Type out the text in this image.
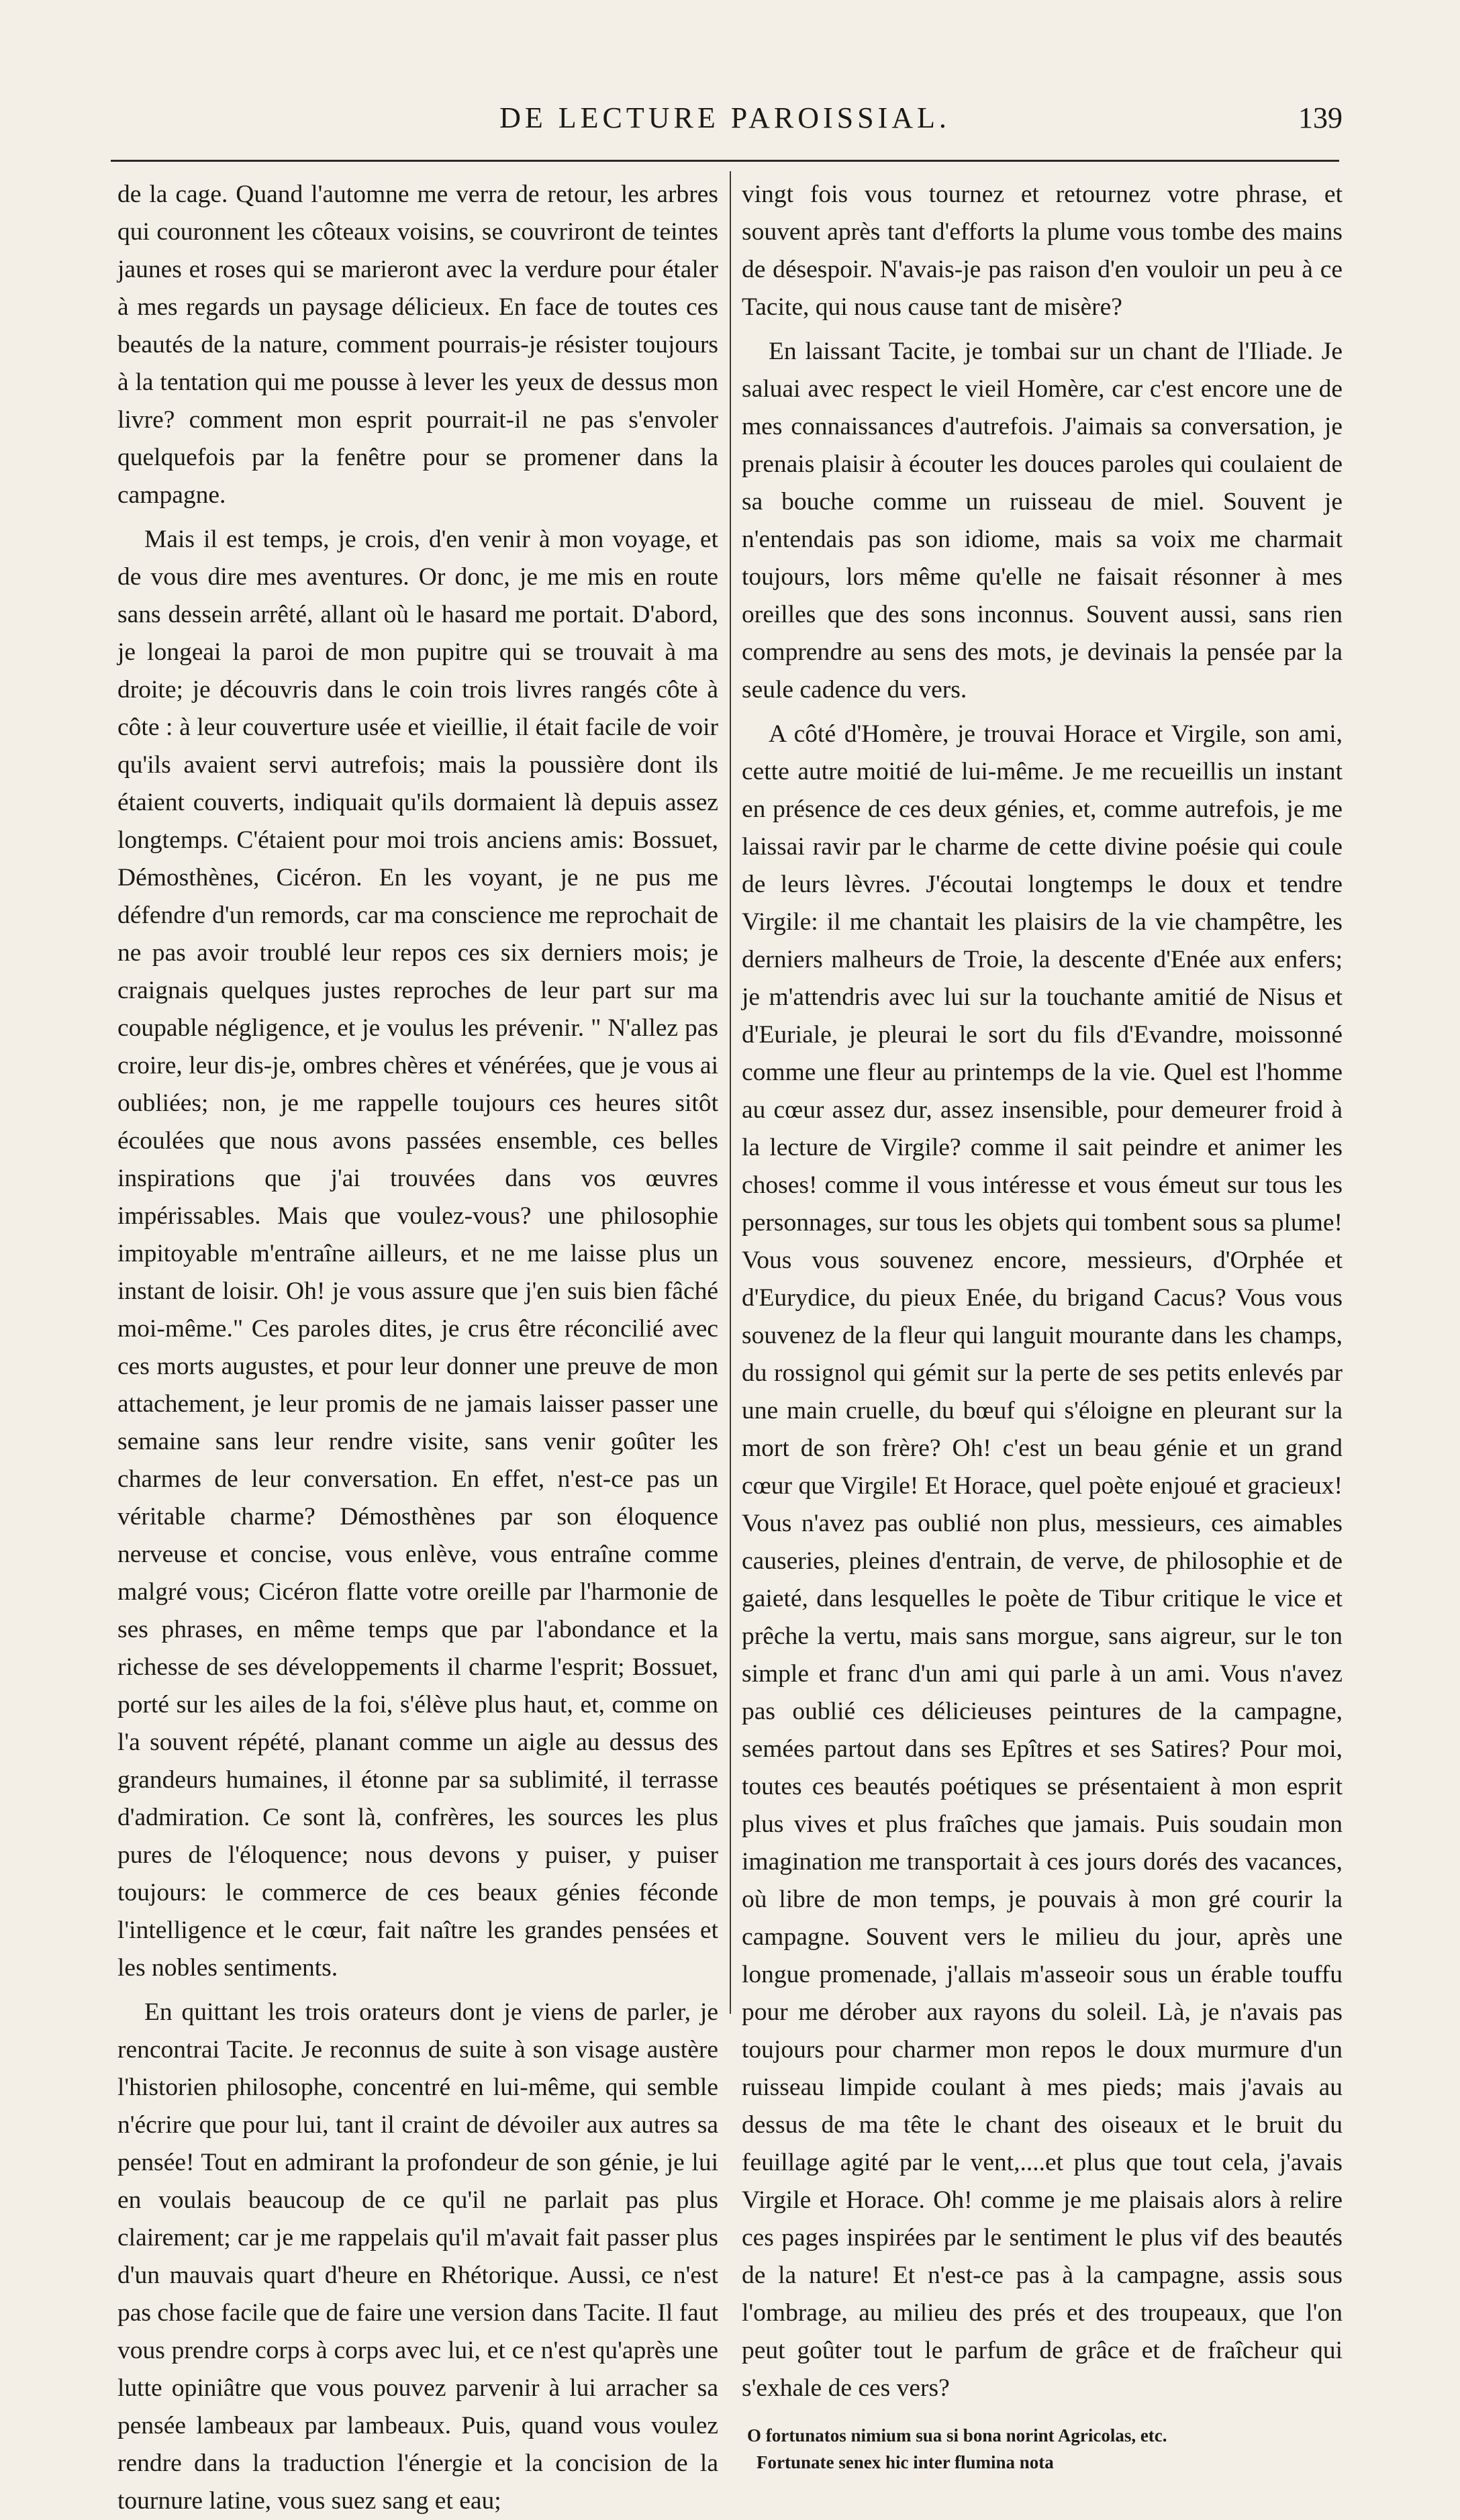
DE LECTURE PAROISSIAL.	139

de la cage. Quand l'automne me verra de retour, les arbres qui couronnent les côteaux voisins, se couvriront de teintes jaunes et roses qui se marieront avec la verdure pour étaler à mes regards un paysage délicieux. En face de toutes ces beautés de la nature, comment pourrais-je résister toujours à la tentation qui me pousse à lever les yeux de dessus mon livre? comment mon esprit pourrait-il ne pas s'envoler quelquefois par la fenêtre pour se promener dans la campagne.

Mais il est temps, je crois, d'en venir à mon voyage, et de vous dire mes aventures. Or donc, je me mis en route sans dessein arrêté, allant où le hasard me portait. D'abord, je longeai la paroi de mon pupitre qui se trouvait à ma droite; je découvris dans le coin trois livres rangés côte à côte : à leur couverture usée et vieillie, il était facile de voir qu'ils avaient servi autrefois; mais la poussière dont ils étaient couverts, indiquait qu'ils dormaient là depuis assez longtemps. C'étaient pour moi trois anciens amis: Bossuet, Démosthènes, Cicéron. En les voyant, je ne pus me défendre d'un remords, car ma conscience me reprochait de ne pas avoir troublé leur repos ces six derniers mois; je craignais quelques justes reproches de leur part sur ma coupable négligence, et je voulus les prévenir. " N'allez pas croire, leur dis-je, ombres chères et vénérées, que je vous ai oubliées; non, je me rappelle toujours ces heures sitôt écoulées que nous avons passées ensemble, ces belles inspirations que j'ai trouvées dans vos œuvres impérissables. Mais que voulez-vous? une philosophie impitoyable m'entraîne ailleurs, et ne me laisse plus un instant de loisir. Oh! je vous assure que j'en suis bien fâché moi-même." Ces paroles dites, je crus être réconcilié avec ces morts augustes, et pour leur donner une preuve de mon attachement, je leur promis de ne jamais laisser passer une semaine sans leur rendre visite, sans venir goûter les charmes de leur conversation. En effet, n'est-ce pas un véritable charme? Démosthènes par son éloquence nerveuse et concise, vous enlève, vous entraîne comme malgré vous; Cicéron flatte votre oreille par l'harmonie de ses phrases, en même temps que par l'abondance et la richesse de ses développements il charme l'esprit; Bossuet, porté sur les ailes de la foi, s'élève plus haut, et, comme on l'a souvent répété, planant comme un aigle au dessus des grandeurs humaines, il étonne par sa sublimité, il terrasse d'admiration. Ce sont là, confrères, les sources les plus pures de l'éloquence; nous devons y puiser, y puiser toujours: le commerce de ces beaux génies féconde l'intelligence et le cœur, fait naître les grandes pensées et les nobles sentiments.

En quittant les trois orateurs dont je viens de parler, je rencontrai Tacite. Je reconnus de suite à son visage austère l'historien philosophe, concentré en lui-même, qui semble n'écrire que pour lui, tant il craint de dévoiler aux autres sa pensée! Tout en admirant la profondeur de son génie, je lui en voulais beaucoup de ce qu'il ne parlait pas plus clairement; car je me rappelais qu'il m'avait fait passer plus d'un mauvais quart d'heure en Rhétorique. Aussi, ce n'est pas chose facile que de faire une version dans Tacite. Il faut vous prendre corps à corps avec lui, et ce n'est qu'après une lutte opiniâtre que vous pouvez parvenir à lui arracher sa pensée lambeaux par lambeaux. Puis, quand vous voulez rendre dans la traduction l'énergie et la concision de la tournure latine, vous suez sang et eau;

vingt fois vous tournez et retournez votre phrase, et souvent après tant d'efforts la plume vous tombe des mains de désespoir. N'avais-je pas raison d'en vouloir un peu à ce Tacite, qui nous cause tant de misère?

En laissant Tacite, je tombai sur un chant de l'Iliade. Je saluai avec respect le vieil Homère, car c'est encore une de mes connaissances d'autrefois. J'aimais sa conversation, je prenais plaisir à écouter les douces paroles qui coulaient de sa bouche comme un ruisseau de miel. Souvent je n'entendais pas son idiome, mais sa voix me charmait toujours, lors même qu'elle ne faisait résonner à mes oreilles que des sons inconnus. Souvent aussi, sans rien comprendre au sens des mots, je devinais la pensée par la seule cadence du vers.

A côté d'Homère, je trouvai Horace et Virgile, son ami, cette autre moitié de lui-même. Je me recueillis un instant en présence de ces deux génies, et, comme autrefois, je me laissai ravir par le charme de cette divine poésie qui coule de leurs lèvres. J'écoutai longtemps le doux et tendre Virgile: il me chantait les plaisirs de la vie champêtre, les derniers malheurs de Troie, la descente d'Enée aux enfers; je m'attendris avec lui sur la touchante amitié de Nisus et d'Euriale, je pleurai le sort du fils d'Evandre, moissonné comme une fleur au printemps de la vie. Quel est l'homme au cœur assez dur, assez insensible, pour demeurer froid à la lecture de Virgile? comme il sait peindre et animer les choses! comme il vous intéresse et vous émeut sur tous les personnages, sur tous les objets qui tombent sous sa plume! Vous vous souvenez encore, messieurs, d'Orphée et d'Eurydice, du pieux Enée, du brigand Cacus? Vous vous souvenez de la fleur qui languit mourante dans les champs, du rossignol qui gémit sur la perte de ses petits enlevés par une main cruelle, du bœuf qui s'éloigne en pleurant sur la mort de son frère? Oh! c'est un beau génie et un grand cœur que Virgile! Et Horace, quel poète enjoué et gracieux! Vous n'avez pas oublié non plus, messieurs, ces aimables causeries, pleines d'entrain, de verve, de philosophie et de gaieté, dans lesquelles le poète de Tibur critique le vice et prêche la vertu, mais sans morgue, sans aigreur, sur le ton simple et franc d'un ami qui parle à un ami. Vous n'avez pas oublié ces délicieuses peintures de la campagne, semées partout dans ses Epîtres et ses Satires? Pour moi, toutes ces beautés poétiques se présentaient à mon esprit plus vives et plus fraîches que jamais. Puis soudain mon imagination me transportait à ces jours dorés des vacances, où libre de mon temps, je pouvais à mon gré courir la campagne. Souvent vers le milieu du jour, après une longue promenade, j'allais m'asseoir sous un érable touffu pour me dérober aux rayons du soleil. Là, je n'avais pas toujours pour charmer mon repos le doux murmure d'un ruisseau limpide coulant à mes pieds; mais j'avais au dessus de ma tête le chant des oiseaux et le bruit du feuillage agité par le vent,....et plus que tout cela, j'avais Virgile et Horace. Oh! comme je me plaisais alors à relire ces pages inspirées par le sentiment le plus vif des beautés de la nature! Et n'est-ce pas à la campagne, assis sous l'ombrage, au milieu des prés et des troupeaux, que l'on peut goûter tout le parfum de grâce et de fraîcheur qui s'exhale de ces vers?

O fortunatos nimium sua si bona norint Agricolas, etc.
Fortunate senex hic inter flumina nota
